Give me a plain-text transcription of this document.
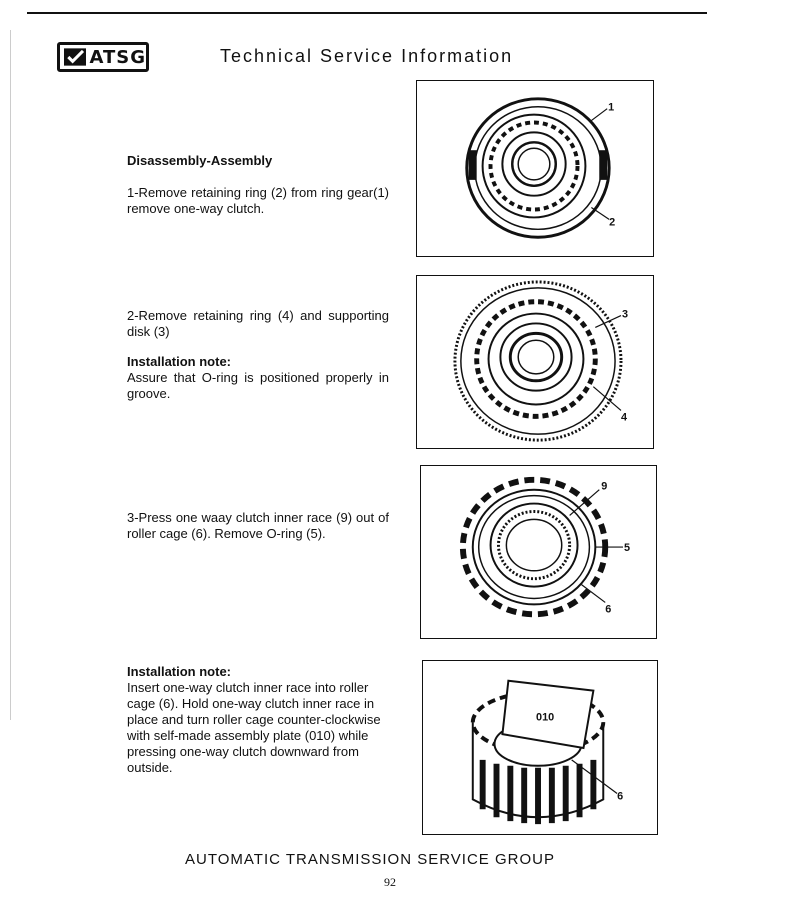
ATSG	Technical Service Information

Disassembly-Assembly

1-Remove retaining ring (2) from ring gear(1) remove one-way clutch.

2-Remove retaining ring (4) and supporting disk (3)

Installation note:

Assure that O-ring is positioned properly in groove.

3-Press one waay clutch inner race (9) out of roller cage (6). Remove O-ring (5).

Installation note:

Insert one-way clutch inner race into roller cage (6). Hold one-way clutch inner race in place and turn roller cage counter-clockwise with self-made assembly plate (010) while pressing one-way clutch downward from outside.

1
2
3
4
9
5
6
010
6
AUTOMATIC TRANSMISSION SERVICE GROUP
92
